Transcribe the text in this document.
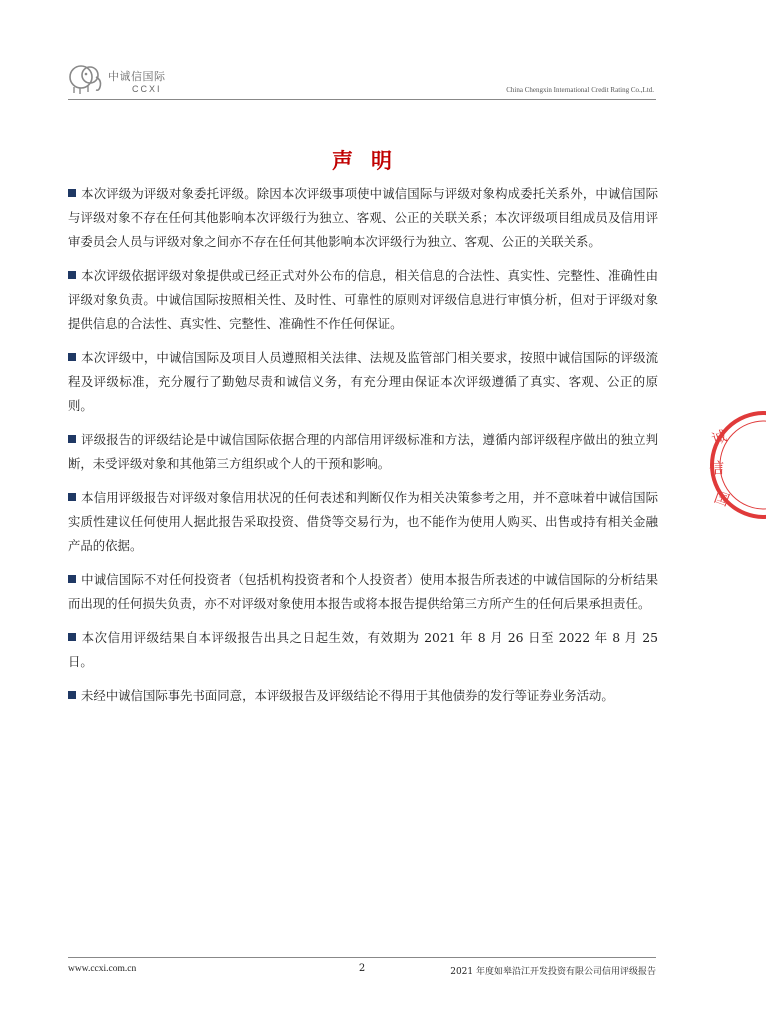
中诚信国际
CCXI	China Chengxin International Credit Rating Co.,Ltd.
声明

本次评级为评级对象委托评级。除因本次评级事项使中诚信国际与评级对象构成委托关系外，中诚信国际与评级对象不存在任何其他影响本次评级行为独立、客观、公正的关联关系；本次评级项目组成员及信用评审委员会人员与评级对象之间亦不存在任何其他影响本次评级行为独立、客观、公正的关联关系。

本次评级依据评级对象提供或已经正式对外公布的信息，相关信息的合法性、真实性、完整性、准确性由评级对象负责。中诚信国际按照相关性、及时性、可靠性的原则对评级信息进行审慎分析，但对于评级对象提供信息的合法性、真实性、完整性、准确性不作任何保证。

本次评级中，中诚信国际及项目人员遵照相关法律、法规及监管部门相关要求，按照中诚信国际的评级流程及评级标准，充分履行了勤勉尽责和诚信义务，有充分理由保证本次评级遵循了真实、客观、公正的原则。

评级报告的评级结论是中诚信国际依据合理的内部信用评级标准和方法，遵循内部评级程序做出的独立判断，未受评级对象和其他第三方组织或个人的干预和影响。

本信用评级报告对评级对象信用状况的任何表述和判断仅作为相关决策参考之用，并不意味着中诚信国际实质性建议任何使用人据此报告采取投资、借贷等交易行为，也不能作为使用人购买、出售或持有相关金融产品的依据。

中诚信国际不对任何投资者（包括机构投资者和个人投资者）使用本报告所表述的中诚信国际的分析结果而出现的任何损失负责，亦不对评级对象使用本报告或将本报告提供给第三方所产生的任何后果承担责任。

本次信用评级结果自本评级报告出具之日起生效，有效期为 2021 年 8 月 26 日至 2022 年 8 月 25 日。

未经中诚信国际事先书面同意，本评级报告及评级结论不得用于其他债券的发行等证券业务活动。

诚
信
国
www.ccxi.com.cn	2	2021 年度如皋沿江开发投资有限公司信用评级报告
